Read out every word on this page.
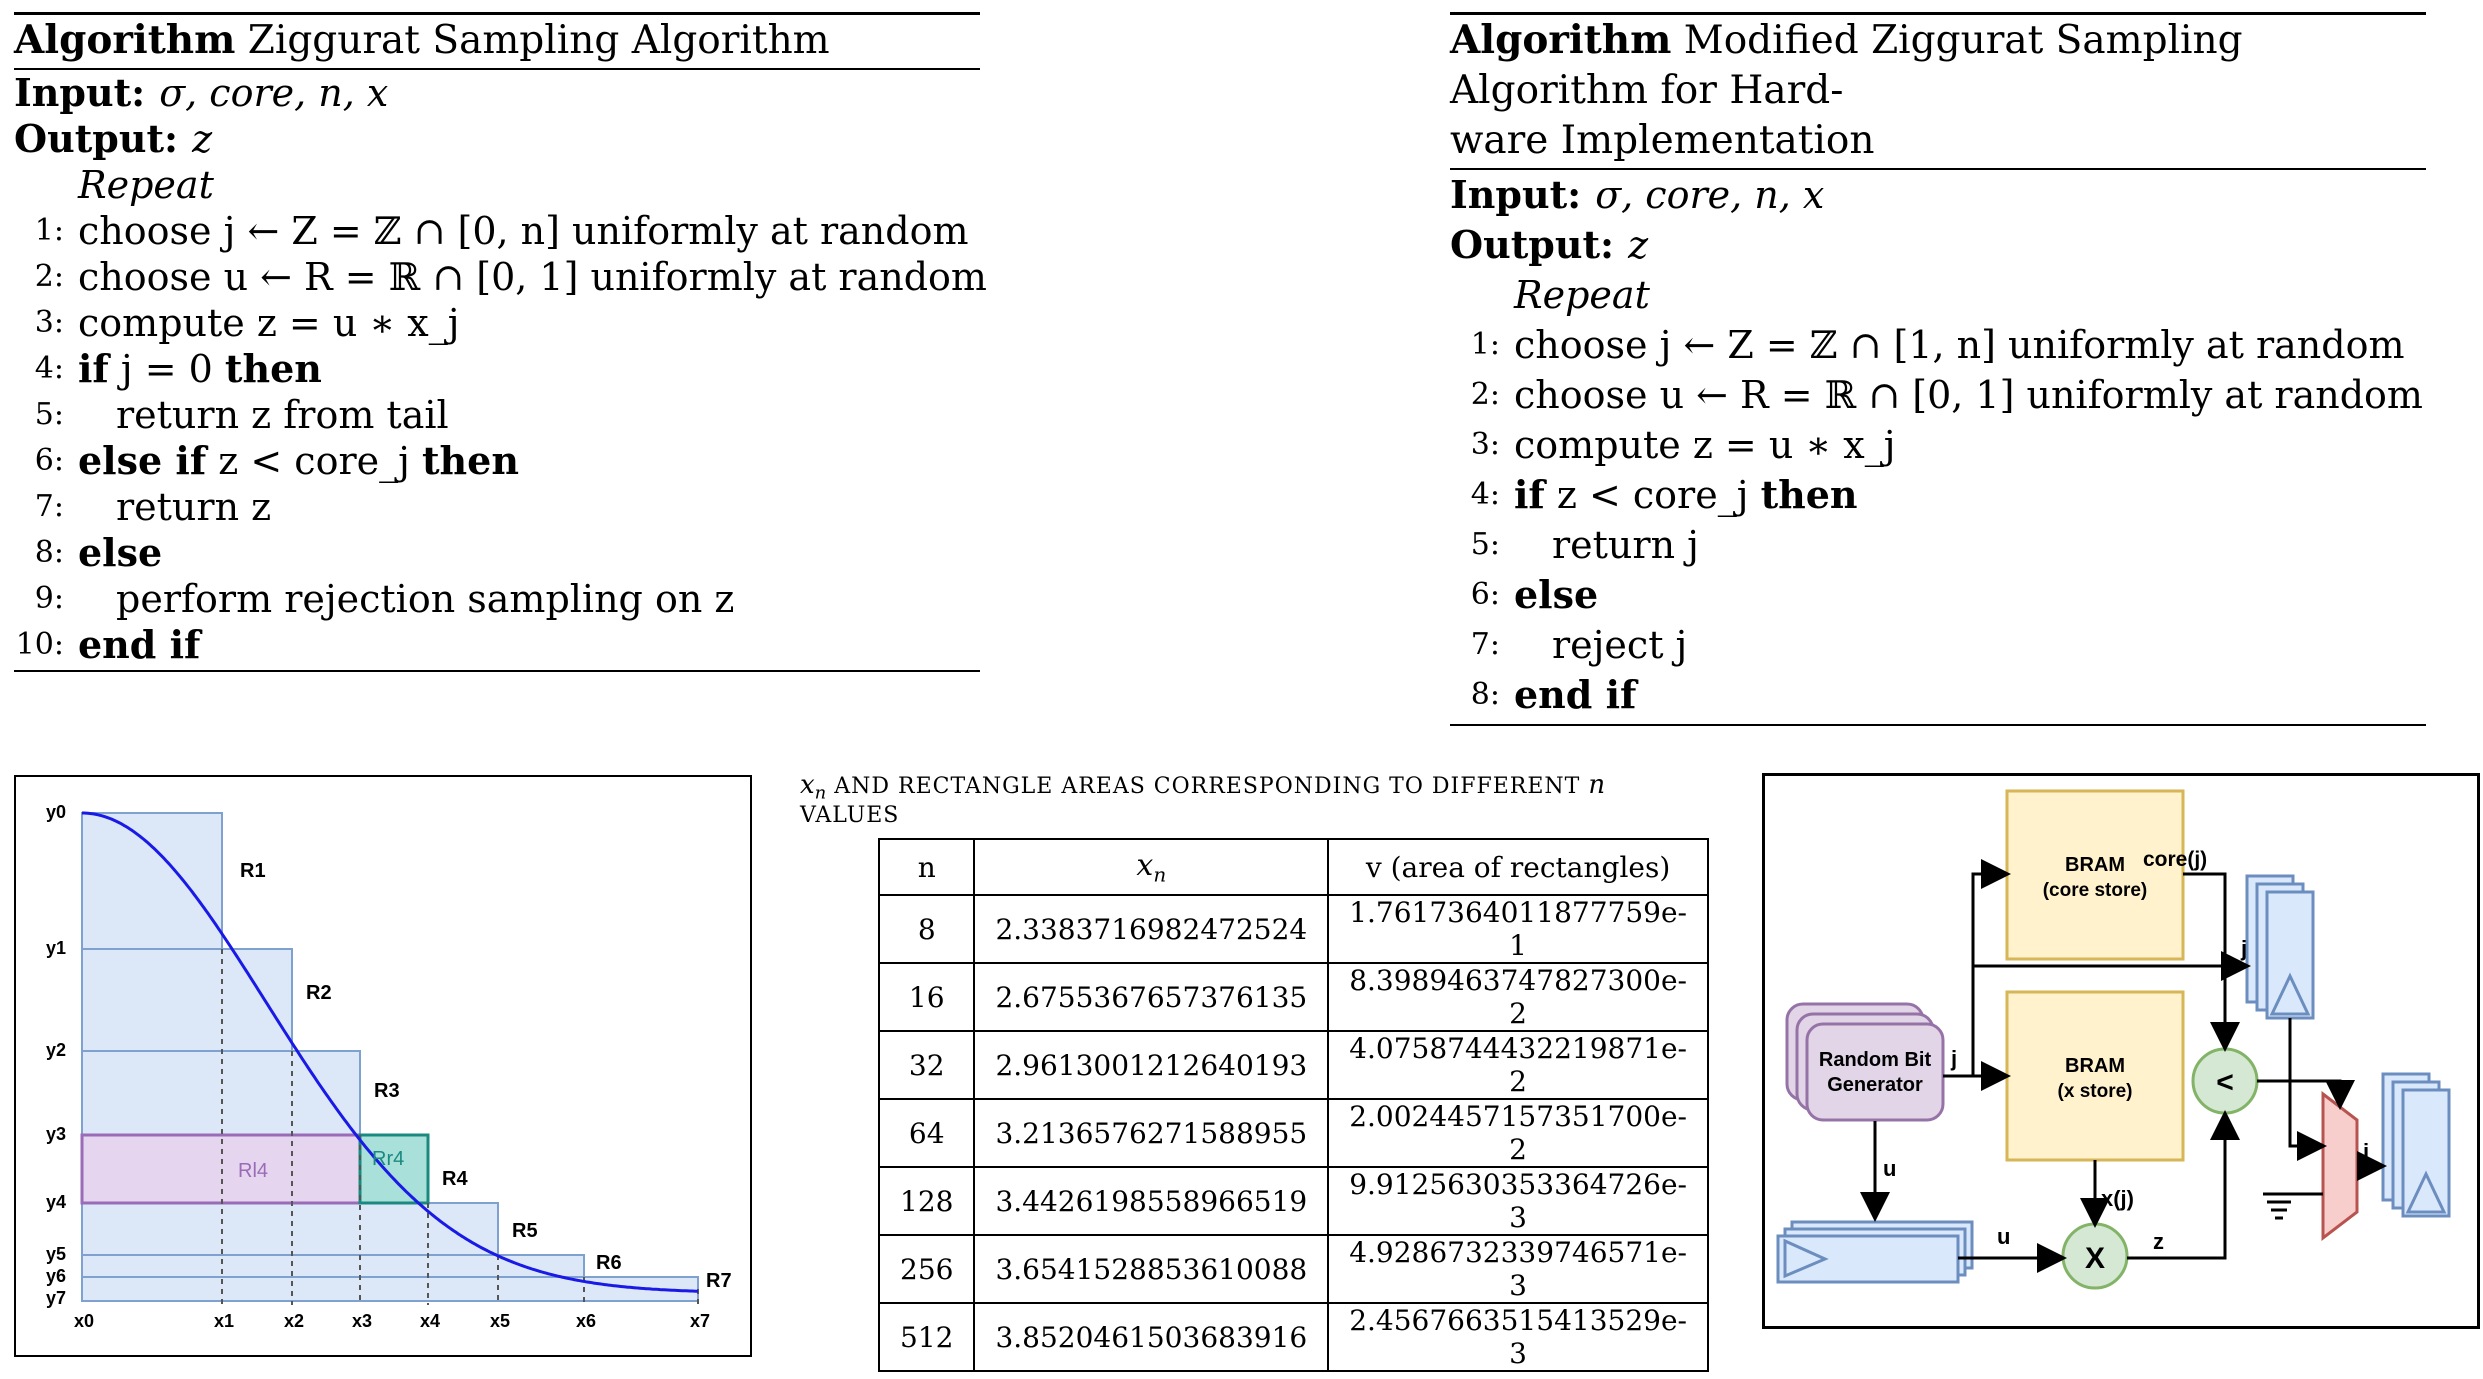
Algorithm Ziggurat Sampling Algorithm
Input: σ, core, n, x
Output: z
Repeat
1: choose j ← Z = ℤ ∩ [0, n] uniformly at random
2: choose u ← R = ℝ ∩ [0, 1] uniformly at random
3: compute z = u ∗ x_j
4: if j = 0 then
5: return z from tail
6: else if z < core_j then
7: return z
8: else
9: perform rejection sampling on z
10: end if
Algorithm Modified Ziggurat Sampling Algorithm for Hard-
ware Implementation
Input: σ, core, n, x
Output: z
Repeat
1: choose j ← Z = ℤ ∩ [1, n] uniformly at random
2: choose u ← R = ℝ ∩ [0, 1] uniformly at random
3: compute z = u ∗ x_j
4: if z < core_j then
5: return j
6: else
7: reject j
8: end if
y0
y1
y2
y3
y4
y5
y6
y7
x0	x1	x2	x3	x4	x5	x6	x7
R1
R2
R3
R4
R5
R6
R7
Rl4
Rr4
$x_n$ AND RECTANGLE AREAS CORRESPONDING TO DIFFERENT n VALUES
n	$x_n$	v (area of rectangles)
8	2.3383716982472524	1.7617364011877759e-1
16	2.6755367657376135	8.3989463747827300e-2
32	2.9613001212640193	4.0758744432219871e-2
64	3.2136576271588955	2.0024457157351700e-2
128	3.4426198558966519	9.9125630353364726e-3
256	3.6541528853610088	4.9286732339746571e-3
512	3.8520461503683916	2.4567663515413529e-3
BRAM
(core store)
BRAM
(x store)
Random Bit
Generator	<
X
core(j)
j
j
j
u
u
x(j)
z
